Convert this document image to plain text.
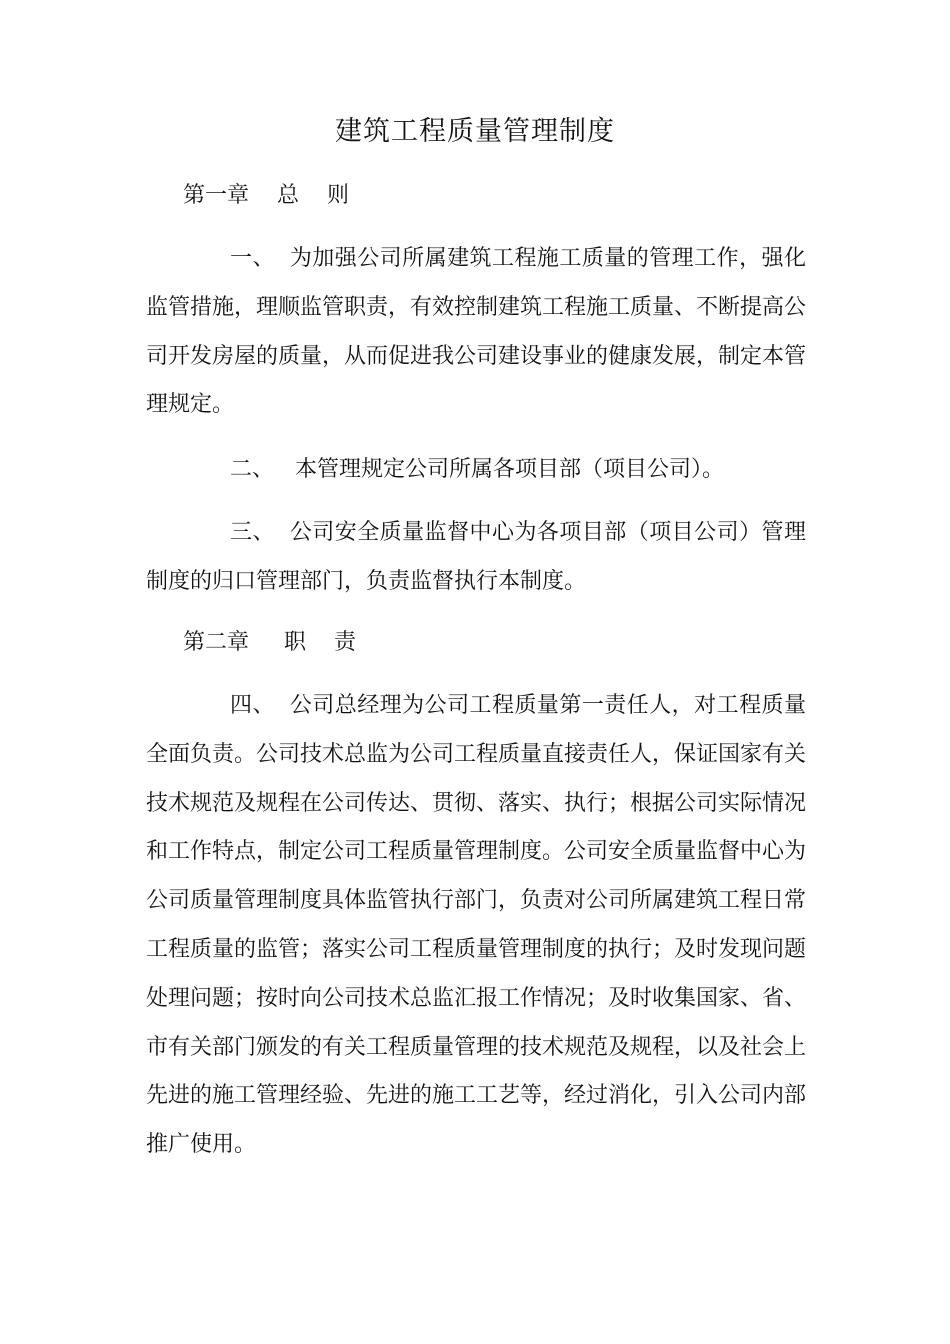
建筑工程质量管理制度
第一章    总    则
一、  为加强公司所属建筑工程施工质量的管理工作，强化监管措施，理顺监管职责，有效控制建筑工程施工质量、不断提高公司开发房屋的质量，从而促进我公司建设事业的健康发展，制定本管理规定。
二、   本管理规定公司所属各项目部（项目公司）。
三、  公司安全质量监督中心为各项目部（项目公司）管理制度的归口管理部门，负责监督执行本制度。
第二章     职    责
四、  公司总经理为公司工程质量第一责任人，对工程质量全面负责。公司技术总监为公司工程质量直接责任人，保证国家有关技术规范及规程在公司传达、贯彻、落实、执行；根据公司实际情况和工作特点，制定公司工程质量管理制度。公司安全质量监督中心为公司质量管理制度具体监管执行部门，负责对公司所属建筑工程日常工程质量的监管；落实公司工程质量管理制度的执行；及时发现问题处理问题；按时向公司技术总监汇报工作情况；及时收集国家、省、市有关部门颁发的有关工程质量管理的技术规范及规程，以及社会上先进的施工管理经验、先进的施工工艺等，经过消化，引入公司内部推广使用。
